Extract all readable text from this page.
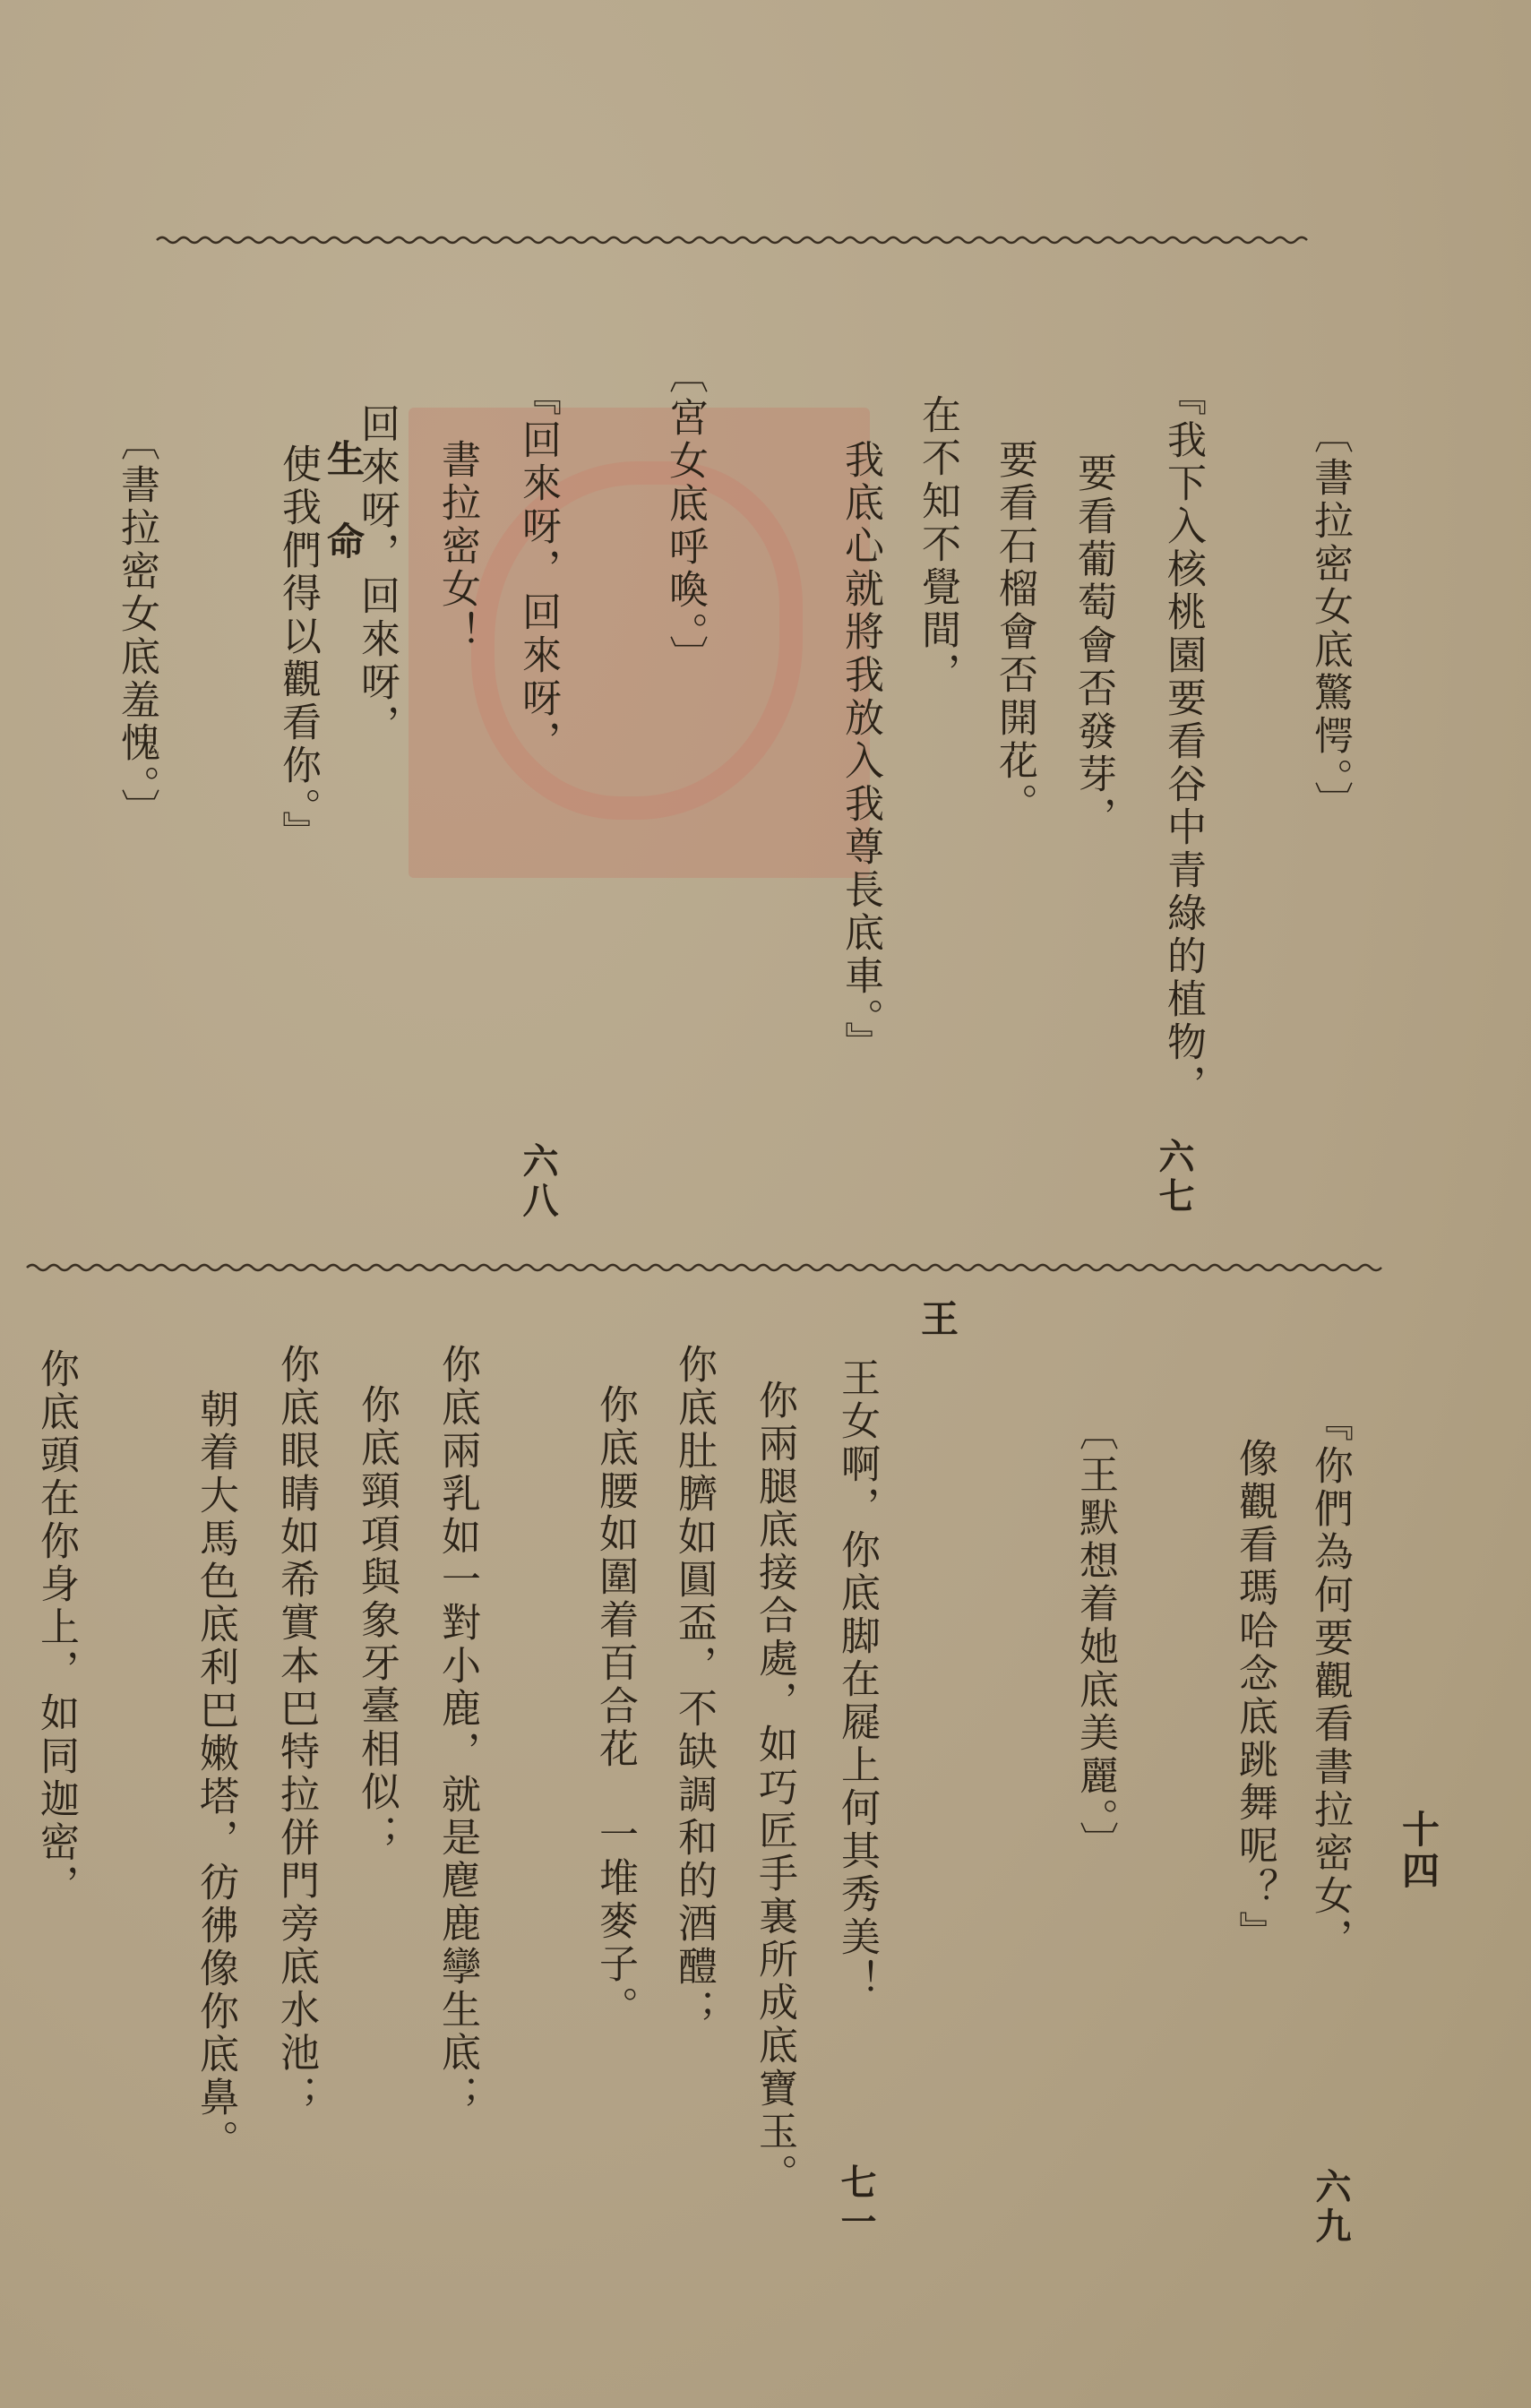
生　命
王
十四
六七
六八
六九
七一
〔書拉密女底驚愕。〕
『我下入核桃園要看谷中青綠的植物，
要看葡萄會否發芽，
要看石榴會否開花。
在不知不覺間，
我底心就將我放入我尊長底車。』
〔宮女底呼喚。〕
『回來呀，回來呀，
書拉密女！
回來呀，回來呀，
使我們得以觀看你。』
〔書拉密女底羞愧。〕
『你們為何要觀看書拉密女，
像觀看瑪哈念底跳舞呢？』
〔王默想着她底美麗。〕
王女啊，你底脚在屣上何其秀美！
你兩腿底接合處，如巧匠手裏所成底寶玉。
你底肚臍如圓盃，不缺調和的酒醴；
你底腰如圍着百合花　一堆麥子。
你底兩乳如一對小鹿，就是麀鹿孿生底；
你底頸項與象牙臺相似；
你底眼睛如希實本巴特拉併門旁底水池；
朝着大馬色底利巴嫩塔，彷彿像你底鼻。
你底頭在你身上，如同迦密，
